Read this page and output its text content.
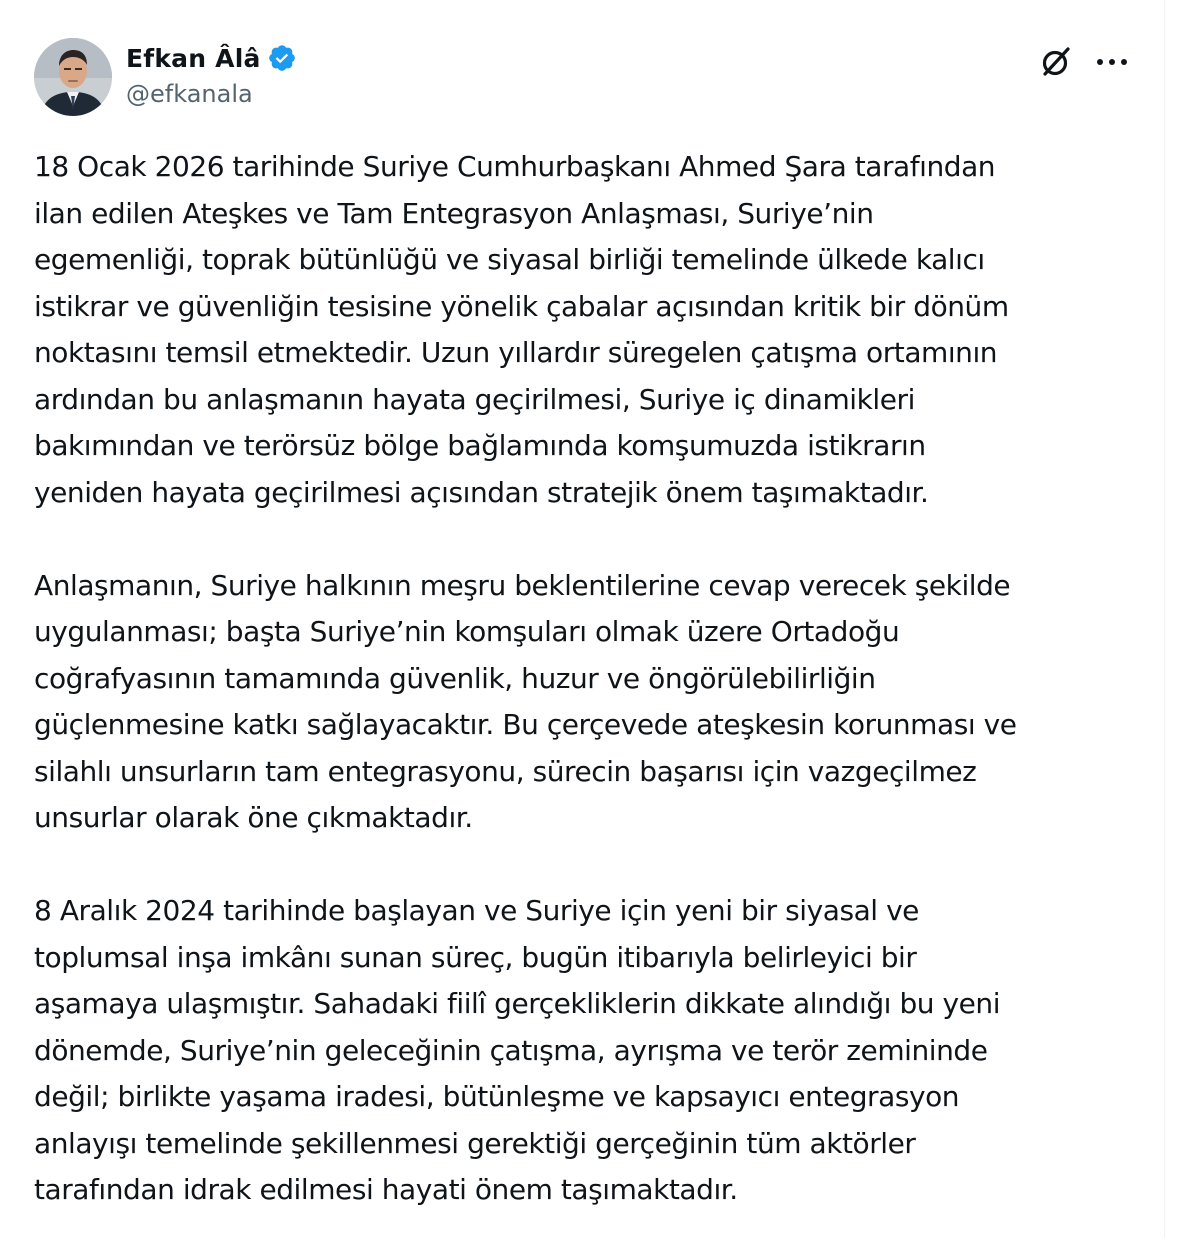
Efkan Âlâ
@efkanala

18 Ocak 2026 tarihinde Suriye Cumhurbaşkanı Ahmed Şara tarafından
ilan edilen Ateşkes ve Tam Entegrasyon Anlaşması, Suriye’nin
egemenliği, toprak bütünlüğü ve siyasal birliği temelinde ülkede kalıcı
istikrar ve güvenliğin tesisine yönelik çabalar açısından kritik bir dönüm
noktasını temsil etmektedir. Uzun yıllardır süregelen çatışma ortamının
ardından bu anlaşmanın hayata geçirilmesi, Suriye iç dinamikleri
bakımından ve terörsüz bölge bağlamında komşumuzda istikrarın
yeniden hayata geçirilmesi açısından stratejik önem taşımaktadır.

Anlaşmanın, Suriye halkının meşru beklentilerine cevap verecek şekilde
uygulanması; başta Suriye’nin komşuları olmak üzere Ortadoğu
coğrafyasının tamamında güvenlik, huzur ve öngörülebilirliğin
güçlenmesine katkı sağlayacaktır. Bu çerçevede ateşkesin korunması ve
silahlı unsurların tam entegrasyonu, sürecin başarısı için vazgeçilmez
unsurlar olarak öne çıkmaktadır.

8 Aralık 2024 tarihinde başlayan ve Suriye için yeni bir siyasal ve
toplumsal inşa imkânı sunan süreç, bugün itibarıyla belirleyici bir
aşamaya ulaşmıştır. Sahadaki fiilî gerçekliklerin dikkate alındığı bu yeni
dönemde, Suriye’nin geleceğinin çatışma, ayrışma ve terör zemininde
değil; birlikte yaşama iradesi, bütünleşme ve kapsayıcı entegrasyon
anlayışı temelinde şekillenmesi gerektiği gerçeğinin tüm aktörler
tarafından idrak edilmesi hayati önem taşımaktadır.
